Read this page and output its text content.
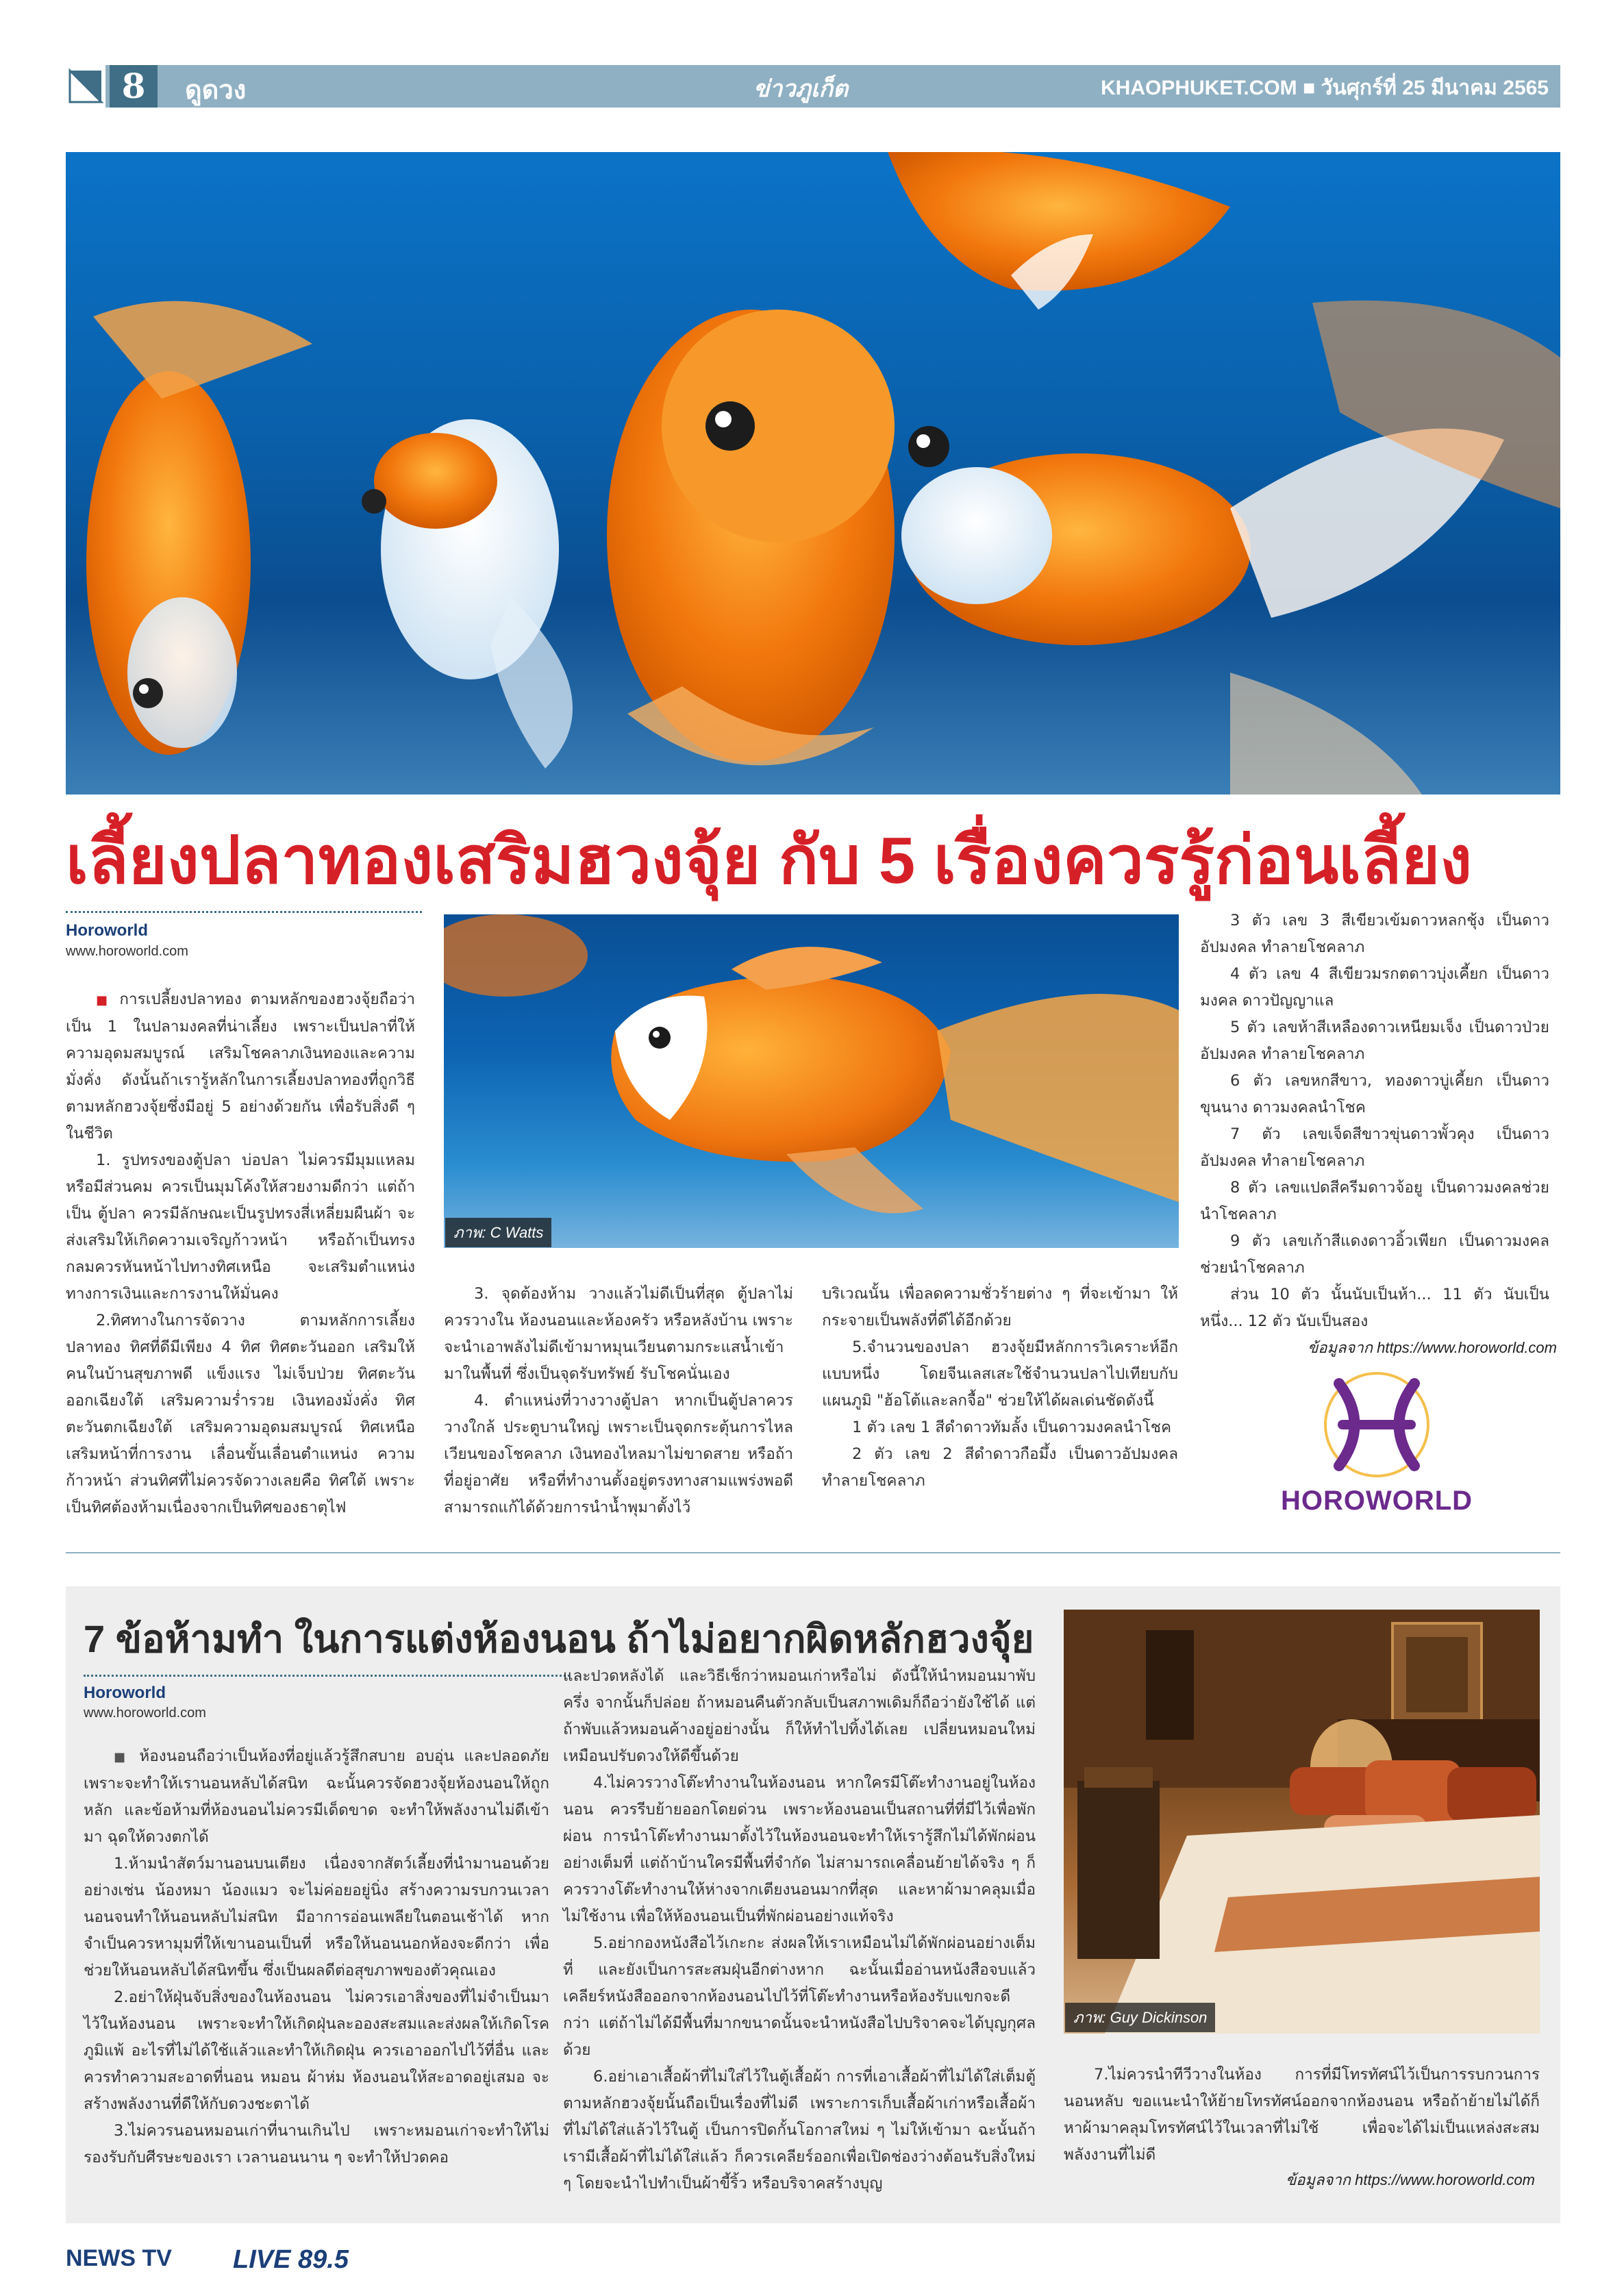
8	ดูดวง	ข่าวภูเก็ต	KHAOPHUKET.COM ■ วันศุกร์ที่ 25 มีนาคม 2565
เลี้ยงปลาทองเสริมฮวงจุ้ย กับ 5 เรื่องควรรู้ก่อนเลี้ยง
Horoworld
www.horoworld.com

■ การเปลี้ยงปลาทอง ตามหลักของฮวงจุ้ยถือว่าเป็น 1 ในปลามงคลที่น่าเลี้ยง เพราะเป็นปลาที่ให้ความอุดมสมบูรณ์ เสริมโชคลาภเงินทองและความมั่งคั่ง ดังนั้นถ้าเรารู้หลักในการเลี้ยงปลาทองที่ถูกวิธีตามหลักฮวงจุ้ยซึ่งมีอยู่ 5 อย่างด้วยกัน เพื่อรับสิ่งดี ๆ ในชีวิต

1. รูปทรงของตู้ปลา บ่อปลา ไม่ควรมีมุมแหลม หรือมีส่วนคม ควรเป็นมุมโค้งให้สวยงามดีกว่า แต่ถ้าเป็น ตู้ปลา ควรมีลักษณะเป็นรูปทรงสี่เหลี่ยมผืนผ้า จะส่งเสริมให้เกิดความเจริญก้าวหน้า หรือถ้าเป็นทรงกลมควรหันหน้าไปทางทิศเหนือ จะเสริมตำแหน่งทางการเงินและการงานให้มั่นคง

2.ทิศทางในการจัดวาง ตามหลักการเลี้ยงปลาทอง ทิศที่ดีมีเพียง 4 ทิศ ทิศตะวันออก เสริมให้คนในบ้านสุขภาพดี แข็งแรง ไม่เจ็บป่วย ทิศตะวันออกเฉียงใต้ เสริมความร่ำรวย เงินทองมั่งคั่ง ทิศตะวันตกเฉียงใต้ เสริมความอุดมสมบูรณ์ ทิศเหนือ เสริมหน้าที่การงาน เลื่อนขั้นเลื่อนตำแหน่ง ความก้าวหน้า ส่วนทิศที่ไม่ควรจัดวางเลยคือ ทิศใต้ เพราะเป็นทิศต้องห้ามเนื่องจากเป็นทิศของธาตุไฟ

ภาพ: C Watts

3. จุดต้องห้าม วางแล้วไม่ดีเป็นที่สุด ตู้ปลาไม่ควรวางใน ห้องนอนและห้องครัว หรือหลังบ้าน เพราะจะนำเอาพลังไม่ดีเข้ามาหมุนเวียนตามกระแสน้ำเข้ามาในพื้นที่ ซึ่งเป็นจุดรับทรัพย์ รับโชคนั่นเอง

4. ตำแหน่งที่วางวางตู้ปลา หากเป็นตู้ปลาควรวางใกล้ ประตูบานใหญ่ เพราะเป็นจุดกระตุ้นการไหลเวียนของโชคลาภ เงินทองไหลมาไม่ขาดสาย หรือถ้าที่อยู่อาศัย หรือที่ทำงานตั้งอยู่ตรงทางสามแพร่งพอดี สามารถแก้ได้ด้วยการนำน้ำพุมาตั้งไว้

บริเวณนั้น เพื่อลดความชั่วร้ายต่าง ๆ ที่จะเข้ามา ให้กระจายเป็นพลังที่ดีได้อีกด้วย

5.จำนวนของปลา ฮวงจุ้ยมีหลักการวิเคราะห์อีกแบบหนึ่ง โดยจีนเลสเสะใช้จำนวนปลาไปเทียบกับแผนภูมิ "ฮ้อโต้และลกจื้อ" ช่วยให้ได้ผลเด่นชัดดังนี้

1 ตัว เลข 1 สีดำดาวทัมลั้ง เป็นดาวมงคลนำโชค

2 ตัว เลข 2 สีดำดาวกือมึ้ง เป็นดาวอัปมงคล ทำลายโชคลาภ

3 ตัว เลข 3 สีเขียวเข้มดาวหลกชุ้ง เป็นดาวอัปมงคล ทำลายโชคลาภ

4 ตัว เลข 4 สีเขียวมรกตดาวบุ่งเคี้ยก เป็นดาวมงคล ดาวปัญญาแล

5 ตัว เลขห้าสีเหลืองดาวเหนียมเจ็ง เป็นดาวป่วยอัปมงคล ทำลายโชคลาภ

6 ตัว เลขหกสีขาว, ทองดาวบู่เคี้ยก เป็นดาวขุนนาง ดาวมงคลนำโชค

7 ตัว เลขเจ็ดสีขาวขุ่นดาวพั้วคุง เป็นดาวอัปมงคล ทำลายโชคลาภ

8 ตัว เลขแปดสีครีมดาวจ้อยู เป็นดาวมงคลช่วยนำโชคลาภ

9 ตัว เลขเก้าสีแดงดาวอิ้วเพียก เป็นดาวมงคลช่วยนำโชคลาภ

ส่วน 10 ตัว นั้นนับเป็นห้า... 11 ตัว นับเป็นหนึ่ง... 12 ตัว นับเป็นสอง

ข้อมูลจาก https://www.horoworld.com
HOROWORLD
7 ข้อห้ามทำ ในการแต่งห้องนอน ถ้าไม่อยากผิดหลักฮวงจุ้ย
Horoworld
www.horoworld.com

■ ห้องนอนถือว่าเป็นห้องที่อยู่แล้วรู้สึกสบาย อบอุ่น และปลอดภัย เพราะจะทำให้เรานอนหลับได้สนิท ฉะนั้นควรจัดฮวงจุ้ยห้องนอนให้ถูกหลัก และข้อห้ามที่ห้องนอนไม่ควรมีเด็ดขาด จะทำให้พลังงานไม่ดีเข้ามา ฉุดให้ดวงตกได้

1.ห้ามนำสัตว์มานอนบนเตียง เนื่องจากสัตว์เลี้ยงที่นำมานอนด้วย อย่างเช่น น้องหมา น้องแมว จะไม่ค่อยอยู่นิ่ง สร้างความรบกวนเวลานอนจนทำให้นอนหลับไม่สนิท มีอาการอ่อนเพลียในตอนเช้าได้ หากจำเป็นควรหามุมที่ให้เขานอนเป็นที่ หรือให้นอนนอกห้องจะดีกว่า เพื่อช่วยให้นอนหลับได้สนิทขึ้น ซึ่งเป็นผลดีต่อสุขภาพของตัวคุณเอง

2.อย่าให้ฝุ่นจับสิ่งของในห้องนอน ไม่ควรเอาสิ่งของที่ไม่จำเป็นมาไว้ในห้องนอน เพราะจะทำให้เกิดฝุ่นละอองสะสมและส่งผลให้เกิดโรคภูมิแพ้ อะไรที่ไม่ได้ใช้แล้วและทำให้เกิดฝุ่น ควรเอาออกไปไว้ที่อื่น และควรทำความสะอาดที่นอน หมอน ผ้าห่ม ห้องนอนให้สะอาดอยู่เสมอ จะสร้างพลังงานที่ดีให้กับดวงชะตาได้

3.ไม่ควรนอนหมอนเก่าที่นานเกินไป เพราะหมอนเก่าจะทำให้ไม่รองรับกับศีรษะของเรา เวลานอนนาน ๆ จะทำให้ปวดคอ

และปวดหลังได้ และวิธีเช็กว่าหมอนเก่าหรือไม่ ดังนี้ให้นำหมอนมาพับครึ่ง จากนั้นก็ปล่อย ถ้าหมอนคืนตัวกลับเป็นสภาพเดิมก็ถือว่ายังใช้ได้ แต่ถ้าพับแล้วหมอนค้างอยู่อย่างนั้น ก็ให้ทำไปทิ้งได้เลย เปลี่ยนหมอนใหม่ เหมือนปรับดวงให้ดีขึ้นด้วย

4.ไม่ควรวางโต๊ะทำงานในห้องนอน หากใครมีโต๊ะทำงานอยู่ในห้องนอน ควรรีบย้ายออกโดยด่วน เพราะห้องนอนเป็นสถานที่ที่มีไว้เพื่อพักผ่อน การนำโต๊ะทำงานมาตั้งไว้ในห้องนอนจะทำให้เรารู้สึกไม่ได้พักผ่อนอย่างเต็มที่ แต่ถ้าบ้านใครมีพื้นที่จำกัด ไม่สามารถเคลื่อนย้ายได้จริง ๆ ก็ควรวางโต๊ะทำงานให้ห่างจากเตียงนอนมากที่สุด และหาผ้ามาคลุมเมื่อไม่ใช้งาน เพื่อให้ห้องนอนเป็นที่พักผ่อนอย่างแท้จริง

5.อย่ากองหนังสือไว้เกะกะ ส่งผลให้เราเหมือนไม่ได้พักผ่อนอย่างเต็มที่ และยังเป็นการสะสมฝุ่นอีกต่างหาก ฉะนั้นเมื่ออ่านหนังสือจบแล้วเคลียร์หนังสือออกจากห้องนอนไปไว้ที่โต๊ะทำงานหรือห้องรับแขกจะดีกว่า แต่ถ้าไม่ได้มีพื้นที่มากขนาดนั้นจะนำหนังสือไปบริจาคจะได้บุญกุศลด้วย

6.อย่าเอาเสื้อผ้าที่ไม่ใส่ไว้ในตู้เสื้อผ้า การที่เอาเสื้อผ้าที่ไม่ได้ใส่เต็มตู้ ตามหลักฮวงจุ้ยนั้นถือเป็นเรื่องที่ไม่ดี เพราะการเก็บเสื้อผ้าเก่าหรือเสื้อผ้าที่ไม่ได้ใส่แล้วไว้ในตู้ เป็นการปิดกั้นโอกาสใหม่ ๆ ไม่ให้เข้ามา ฉะนั้นถ้าเรามีเสื้อผ้าที่ไม่ได้ใส่แล้ว ก็ควรเคลียร์ออกเพื่อเปิดช่องว่างต้อนรับสิ่งใหม่ ๆ โดยจะนำไปทำเป็นผ้าขี้ริ้ว หรือบริจาคสร้างบุญ

ภาพ: Guy Dickinson

7.ไม่ควรนำทีวีวางในห้อง การที่มีโทรทัศน์ไว้เป็นการรบกวนการนอนหลับ ขอแนะนำให้ย้ายโทรทัศน์ออกจากห้องนอน หรือถ้าย้ายไม่ได้ก็หาผ้ามาคลุมโทรทัศน์ไว้ในเวลาที่ไม่ใช้ เพื่อจะได้ไม่เป็นแหล่งสะสมพลังงานที่ไม่ดี

ข้อมูลจาก https://www.horoworld.com
NEWS TV LIVE 89.5
